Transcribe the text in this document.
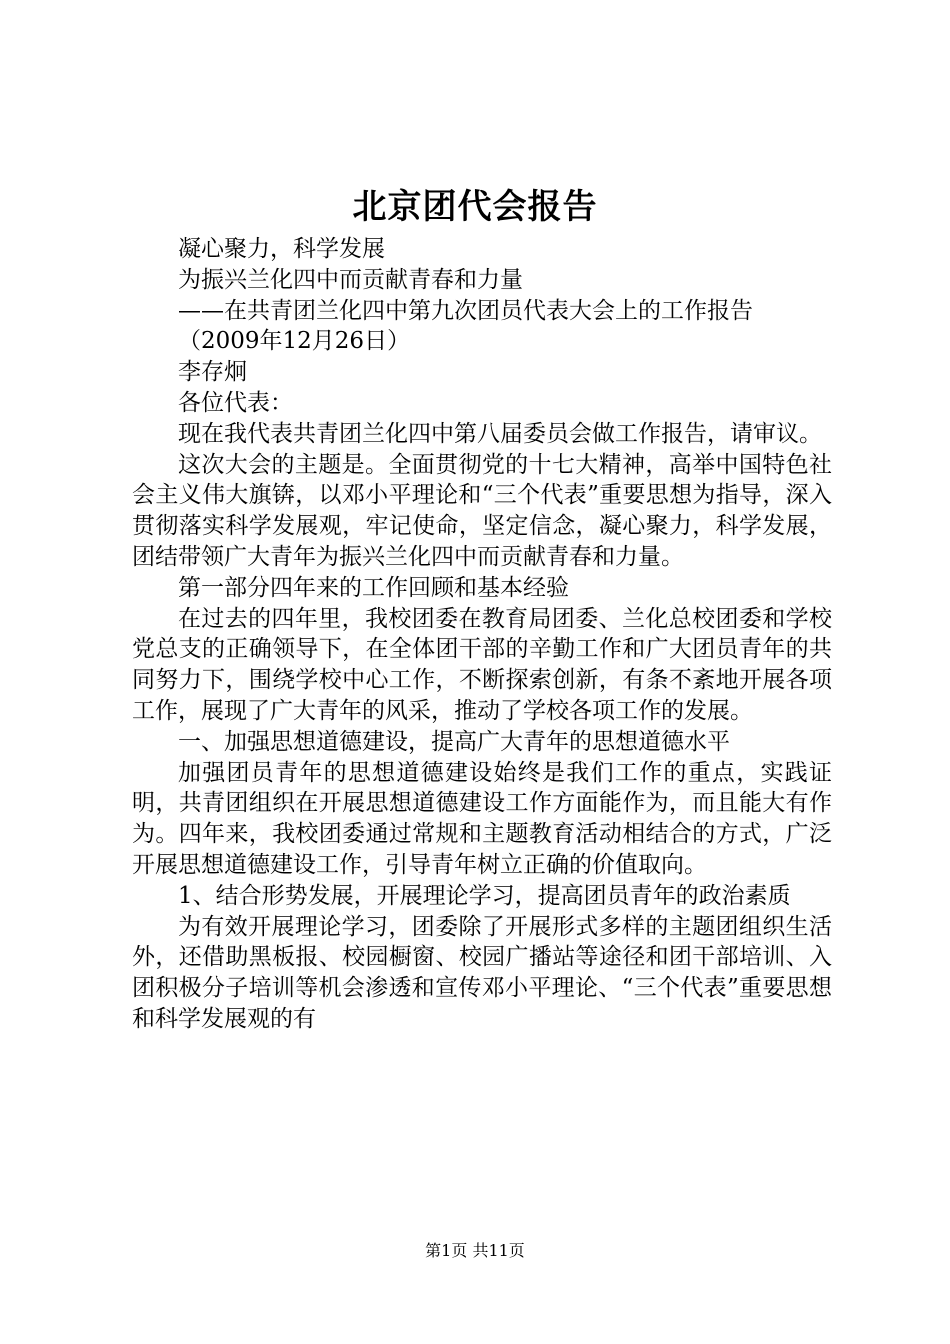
北京团代会报告

凝心聚力，科学发展

为振兴兰化四中而贡献青春和力量

——在共青团兰化四中第九次团员代表大会上的工作报告

（2009年12月26日）

李存炯

各位代表：

现在我代表共青团兰化四中第八届委员会做工作报告，请审议。

这次大会的主题是。全面贯彻党的十七大精神，高举中国特色社会主义伟大旗锛，以邓小平理论和“三个代表”重要思想为指导，深入贯彻落实科学发展观，牢记使命，坚定信念，凝心聚力，科学发展，团结带领广大青年为振兴兰化四中而贡献青春和力量。

第一部分四年来的工作回顾和基本经验

在过去的四年里，我校团委在教育局团委、兰化总校团委和学校党总支的正确领导下，在全体团干部的辛勤工作和广大团员青年的共同努力下，围绕学校中心工作，不断探索创新，有条不紊地开展各项工作，展现了广大青年的风采，推动了学校各项工作的发展。

一、加强思想道德建设，提高广大青年的思想道德水平

加强团员青年的思想道德建设始终是我们工作的重点，实践证明，共青团组织在开展思想道德建设工作方面能作为，而且能大有作为。四年来，我校团委通过常规和主题教育活动相结合的方式，广泛开展思想道德建设工作，引导青年树立正确的价值取向。

1、结合形势发展，开展理论学习，提高团员青年的政治素质

为有效开展理论学习，团委除了开展形式多样的主题团组织生活外，还借助黑板报、校园橱窗、校园广播站等途径和团干部培训、入团积极分子培训等机会渗透和宣传邓小平理论、“三个代表”重要思想和科学发展观的有

第1页 共11页
